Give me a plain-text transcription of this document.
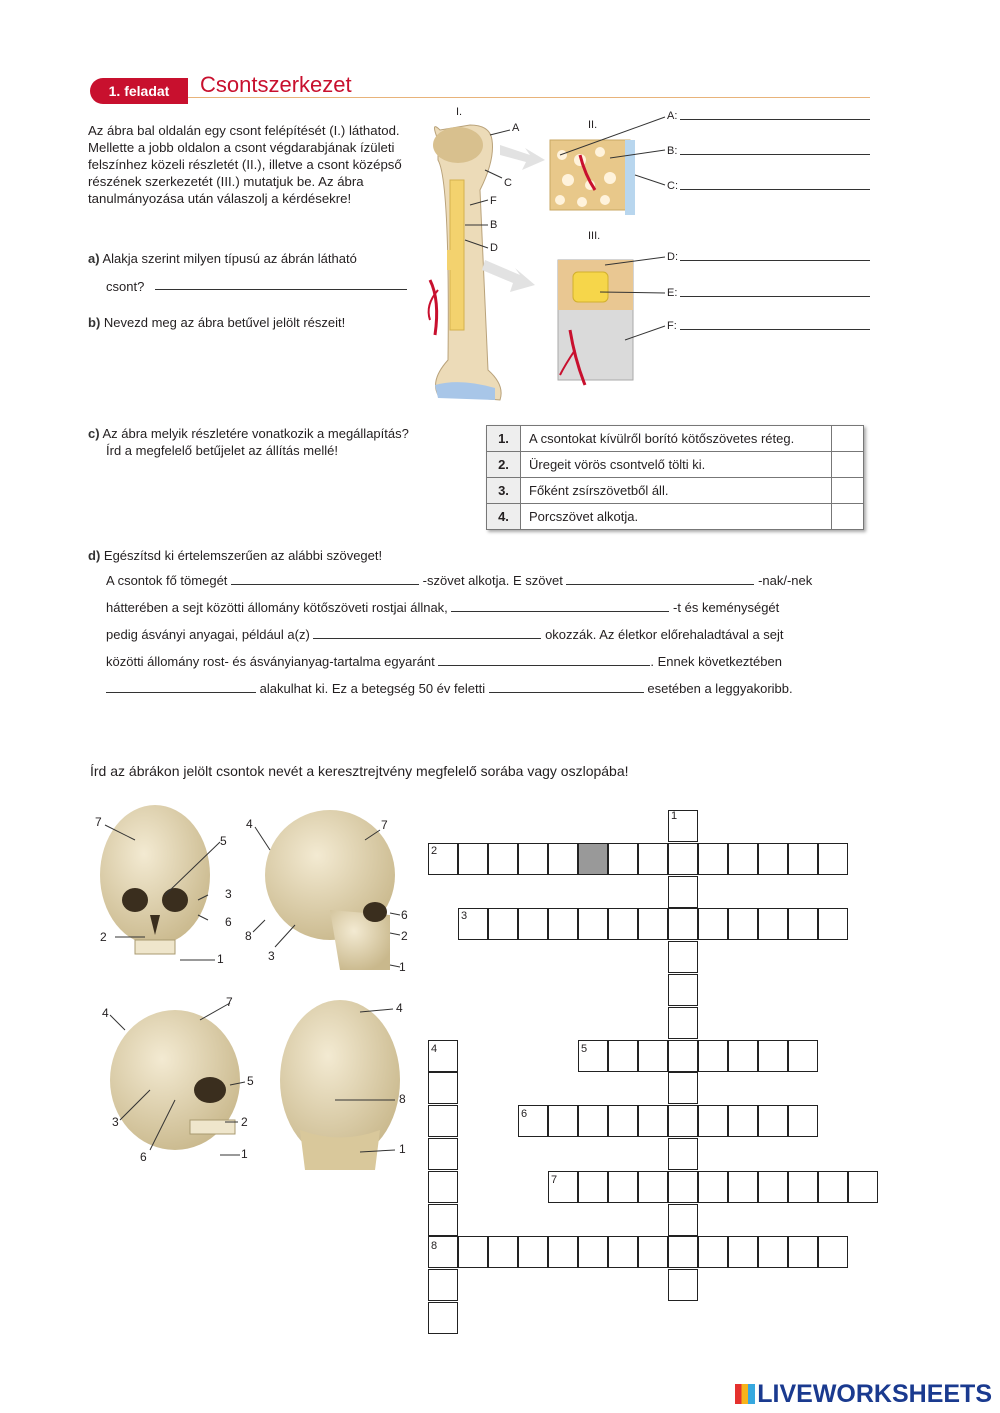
1. feladat	Csontszerkezet
Az ábra bal oldalán egy csont felépítését (I.) láthatod. Mellette a jobb oldalon a csont végdarabjának ízületi felszínhez közeli részletét (II.), illetve a csont középső részének szerkezetét (III.) mutatjuk be. Az ábra tanulmányozása után válaszolj a kérdésekre!
a) Alakja szerint milyen típusú az ábrán látható
csont?
b) Nevezd meg az ábra betűvel jelölt részeit!
I.
II.
III.
A
C
F
B
D
A:
B:
C:
D:
E:
F:
c) Az ábra melyik részletére vonatkozik a megállapítás?
Írd a megfelelő betűjelet az állítás mellé!
1.	A csontokat kívülről borító kötőszövetes réteg.	
2.	Üregeit vörös csontvelő tölti ki.	
3.	Főként zsírszövetből áll.	
4.	Porcszövet alkotja.	
d) Egészítsd ki értelemszerűen az alábbi szöveget!
A csontok fő tömegét	-szövet alkotja. E szövet	-nak/-nek
hátterében a sejt közötti állomány kötőszöveti rostjai állnak,	-t és keménységét
pedig ásványi anyagai, például a(z)	okozzák. Az életkor előrehaladtával a sejt
közötti állomány rost- és ásványianyag-tartalma egyaránt	. Ennek következtében
alakulhat ki. Ez a betegség 50 év feletti	esetében a leggyakoribb.
Írd az ábrákon jelölt csontok nevét a keresztrejtvény megfelelő sorába vagy oszlopába!
7
5
3
6
2
1
4	7
6
2
1
8
3
4
7
5
2
1
3
6
4
8
1
1
2
3
4	5
6
7
8
LIVEWORKSHEETS
